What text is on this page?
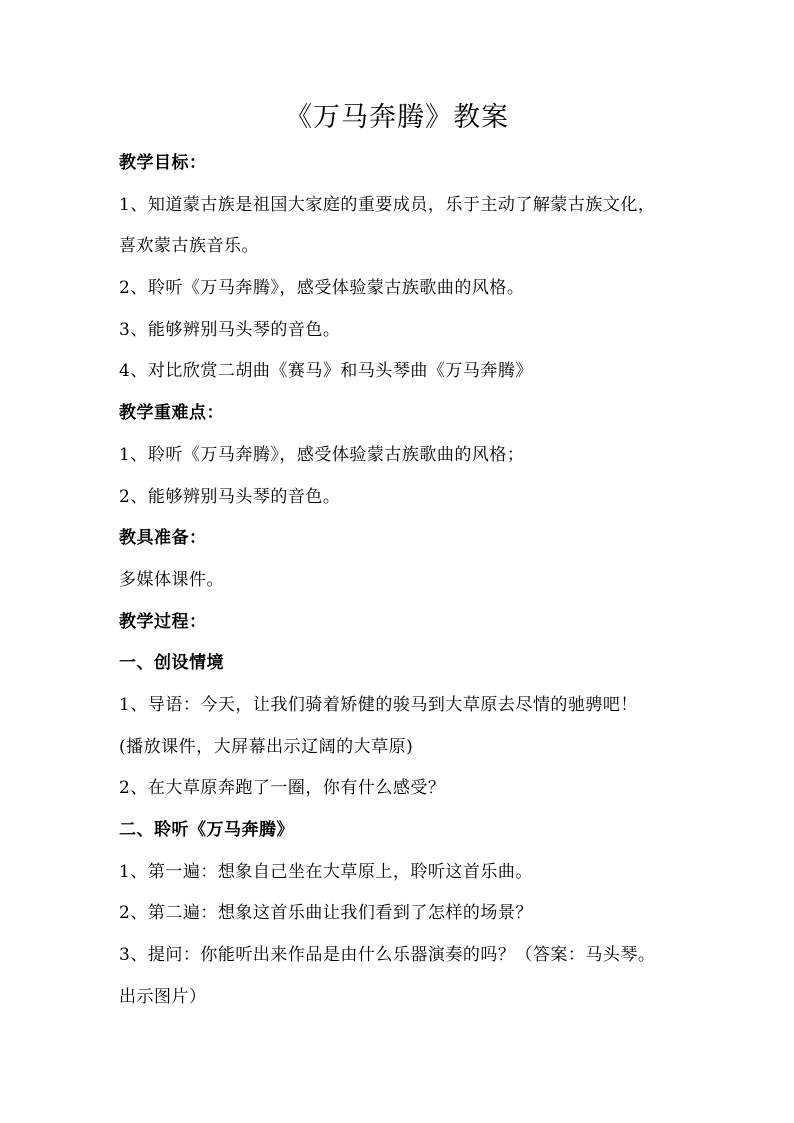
《万马奔腾》教案
教学目标：
1、知道蒙古族是祖国大家庭的重要成员，乐于主动了解蒙古族文化，
喜欢蒙古族音乐。
2、聆听《万马奔腾》，感受体验蒙古族歌曲的风格。
3、能够辨别马头琴的音色。
4、对比欣赏二胡曲《赛马》和马头琴曲《万马奔腾》
教学重难点：
1、聆听《万马奔腾》，感受体验蒙古族歌曲的风格；
2、能够辨别马头琴的音色。
教具准备：
多媒体课件。
教学过程：
一、创设情境
1、导语：今天，让我们骑着矫健的骏马到大草原去尽情的驰骋吧！
(播放课件，大屏幕出示辽阔的大草原)
2、在大草原奔跑了一圈，你有什么感受？
二、聆听《万马奔腾》
1、第一遍：想象自己坐在大草原上，聆听这首乐曲。
2、第二遍：想象这首乐曲让我们看到了怎样的场景？
3、提问：你能听出来作品是由什么乐器演奏的吗？（答案：马头琴。
出示图片）
